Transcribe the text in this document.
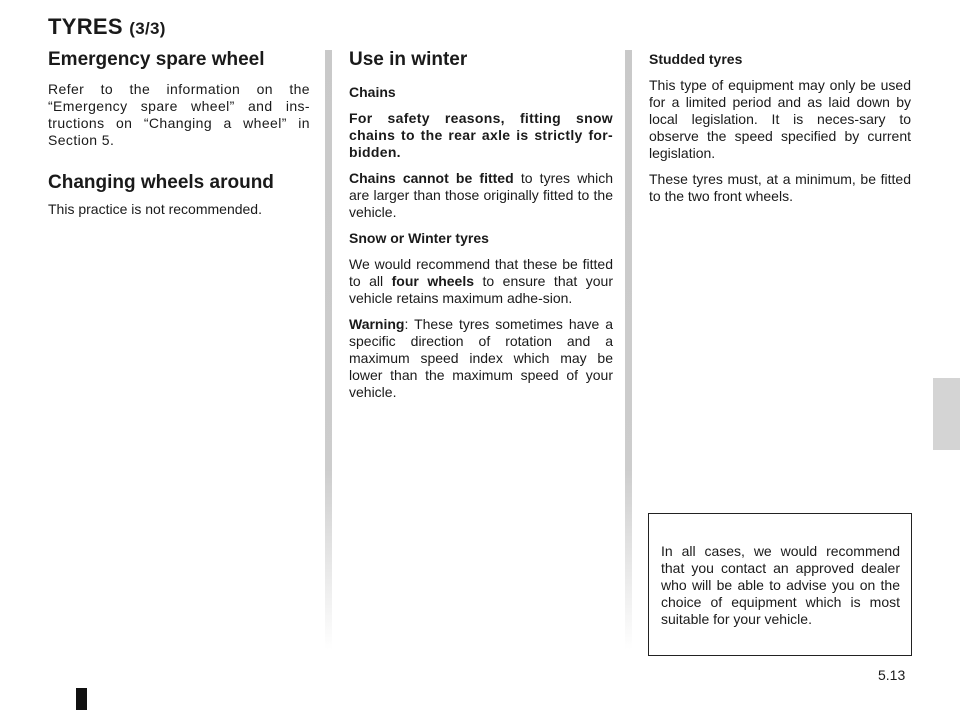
TYRES (3/3)
Emergency spare wheel

Refer to the information on the “Emergency spare wheel” and ins-tructions on “Changing a wheel” in Section 5.

Changing wheels around

This practice is not recommended.

Use in winter

Chains

For safety reasons, fitting snow chains to the rear axle is strictly for-bidden.

Chains cannot be fitted to tyres which are larger than those originally fitted to the vehicle.

Snow or Winter tyres

We would recommend that these be fitted to all four wheels to ensure that your vehicle retains maximum adhe-sion.

Warning: These tyres sometimes have a specific direction of rotation and a maximum speed index which may be lower than the maximum speed of your vehicle.

Studded tyres

This type of equipment may only be used for a limited period and as laid down by local legislation. It is neces-sary to observe the speed specified by current legislation.

These tyres must, at a minimum, be fitted to the two front wheels.

In all cases, we would recommend that you contact an approved dealer who will be able to advise you on the choice of equipment which is most suitable for your vehicle.
5.13
